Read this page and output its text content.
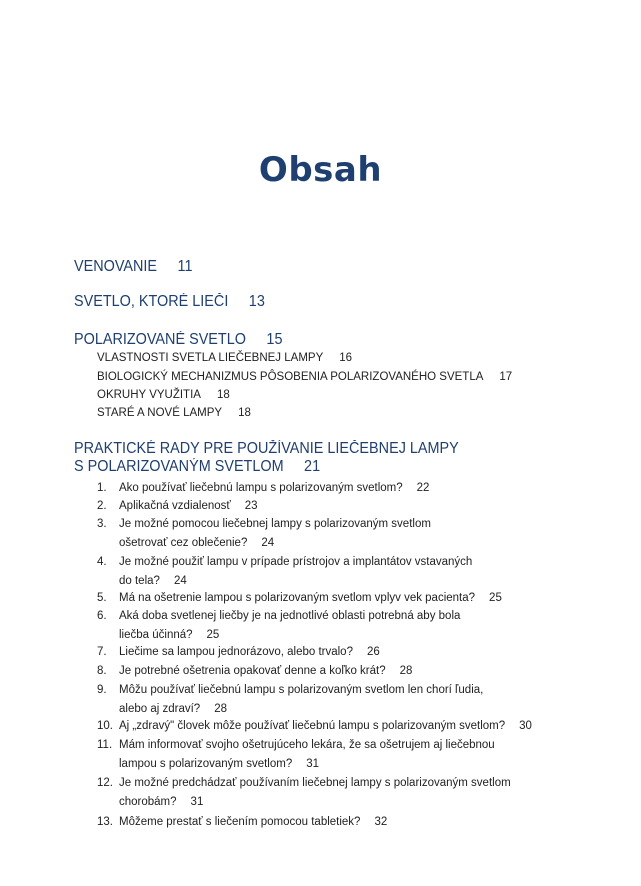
Obsah
VENOVANIE 11
SVETLO, KTORÉ LIEČI 13
POLARIZOVANÉ SVETLO 15
VLASTNOSTI SVETLA LIEČEBNEJ LAMPY 16
BIOLOGICKÝ MECHANIZMUS PÔSOBENIA POLARIZOVANÉHO SVETLA 17
OKRUHY VYUŽITIA 18
STARÉ A NOVÉ LAMPY 18
PRAKTICKÉ RADY PRE POUŽÍVANIE LIEČEBNEJ LAMPY
S POLARIZOVANÝM SVETLOM 21
1. Ako používať liečebnú lampu s polarizovaným svetlom? 22
2. Aplikačná vzdialenosť 23
3. Je možné pomocou liečebnej lampy s polarizovaným svetlom
ošetrovať cez oblečenie? 24
4. Je možné použiť lampu v prípade prístrojov a implantátov vstavaných
do tela? 24
5. Má na ošetrenie lampou s polarizovaným svetlom vplyv vek pacienta? 25
6. Aká doba svetlenej liečby je na jednotlivé oblasti potrebná aby bola
liečba účinná? 25
7. Liečime sa lampou jednorázovo, alebo trvalo? 26
8. Je potrebné ošetrenia opakovať denne a koľko krát? 28
9. Môžu používať liečebnú lampu s polarizovaným svetlom len chorí ľudia,
alebo aj zdraví? 28
10. Aj „zdravý" človek môže používať liečebnú lampu s polarizovaným svetlom? 30
11. Mám informovať svojho ošetrujúceho lekára, že sa ošetrujem aj liečebnou
lampou s polarizovaným svetlom? 31
12. Je možné predchádzať používaním liečebnej lampy s polarizovaným svetlom
chorobám? 31
13. Môžeme prestať s liečením pomocou tabletiek? 32
